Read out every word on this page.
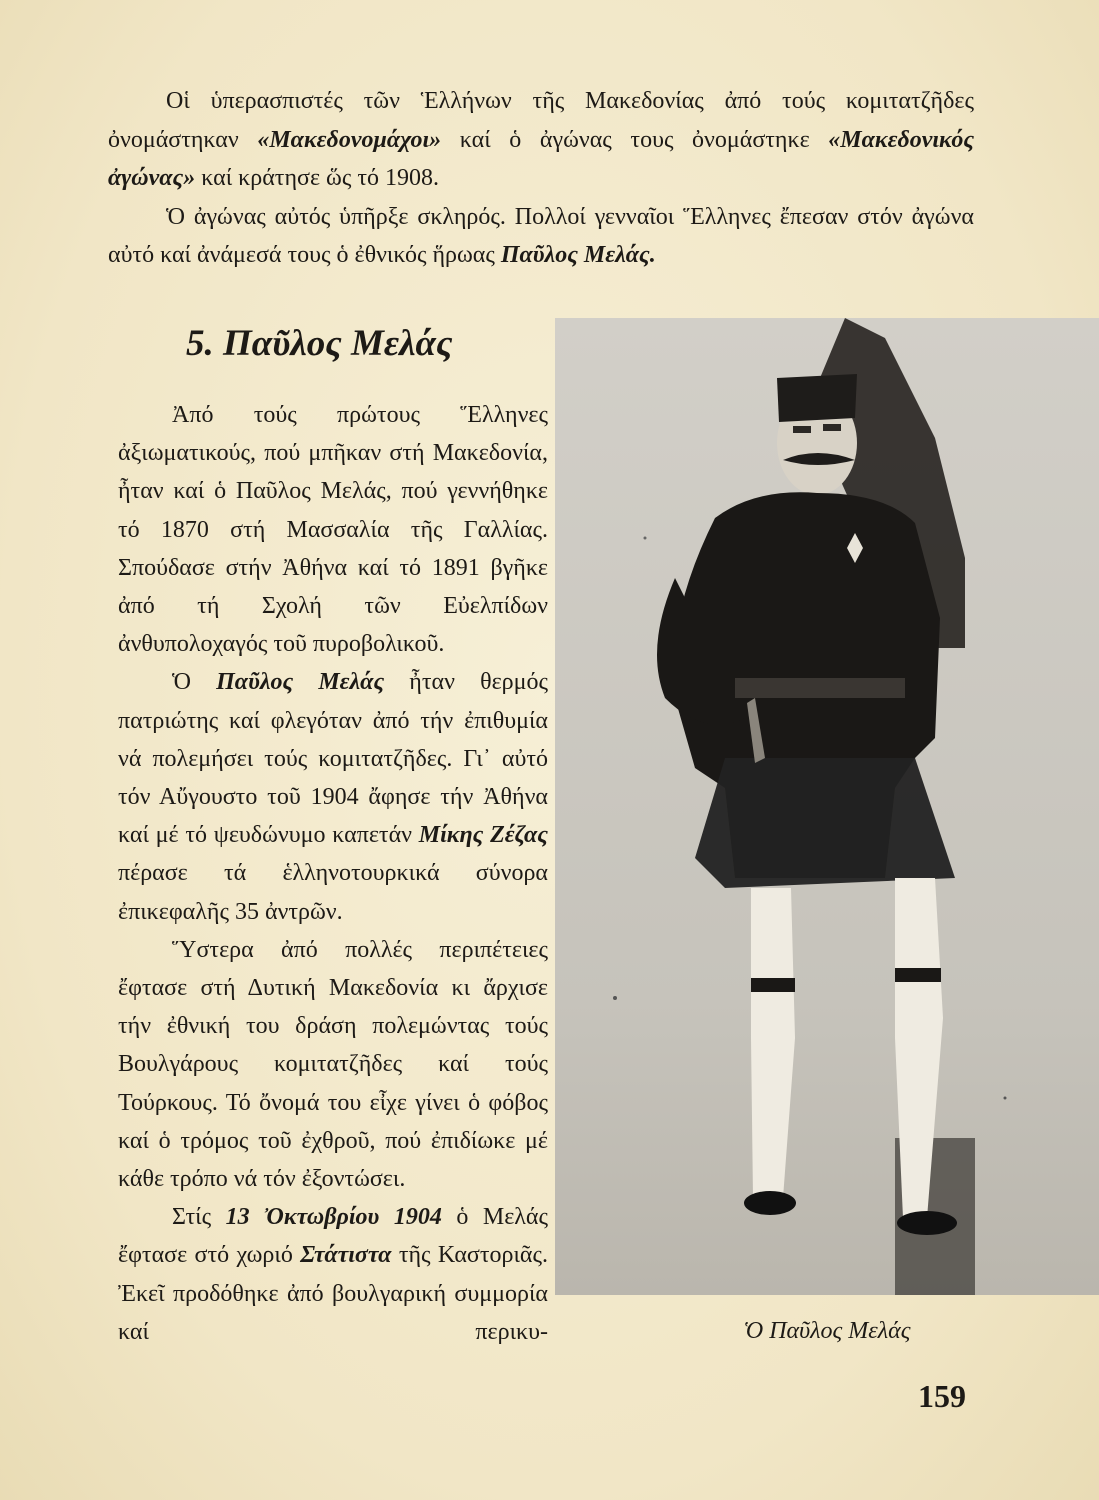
Οἱ ὑπερασπιστές τῶν Ἑλλήνων τῆς Μακεδονίας ἀπό τούς κομιτατζῆδες ὀνομάστηκαν «Μακεδονομάχοι» καί ὁ ἀγώνας τους ὀνομάστηκε «Μακεδονικός ἀγώνας» καί κράτησε ὥς τό 1908.

Ὁ ἀγώνας αὐτός ὑπῆρξε σκληρός. Πολλοί γενναῖοι Ἕλληνες ἔπεσαν στόν ἀγώνα αὐτό καί ἀνάμεσά τους ὁ ἐθνικός ἥρωας Παῦλος Μελάς.

5. Παῦλος Μελάς

Ἀπό τούς πρώτους Ἕλληνες ἀξιωματικούς, πού μπῆκαν στή Μακεδονία, ἦταν καί ὁ Παῦλος Μελάς, πού γεννήθηκε τό 1870 στή Μασσαλία τῆς Γαλλίας. Σπούδασε στήν Ἀθήνα καί τό 1891 βγῆκε ἀπό τή Σχολή τῶν Εὐελπίδων ἀνθυπολοχαγός τοῦ πυροβολικοῦ.

Ὁ Παῦλος Μελάς ἦταν θερμός πατριώτης καί φλεγόταν ἀπό τήν ἐπιθυμία νά πολεμήσει τούς κομιτατζῆδες. Γι᾽ αὐτό τόν Αὔγουστο τοῦ 1904 ἄφησε τήν Ἀθήνα καί μέ τό ψευδώνυμο καπετάν Μίκης Ζέζας πέρασε τά ἑλληνοτουρκικά σύνορα ἐπικεφαλῆς 35 ἀντρῶν.

Ὕστερα ἀπό πολλές περιπέτειες ἔφτασε στή Δυτική Μακεδονία κι ἄρχισε τήν ἐθνική του δράση πολεμώντας τούς Βουλγάρους κομιτατζῆδες καί τούς Τούρκους. Τό ὄνομά του εἶχε γίνει ὁ φόβος καί ὁ τρόμος τοῦ ἐχθροῦ, πού ἐπιδίωκε μέ κάθε τρόπο νά τόν ἐξοντώσει.

Στίς 13 Ὀκτωβρίου 1904 ὁ Μελάς ἔφτασε στό χωριό Στάτιστα τῆς Καστοριᾶς. Ἐκεῖ προδόθηκε ἀπό βουλγαρική συμμορία καί περικυ-	Ὁ Παῦλος Μελάς
159
